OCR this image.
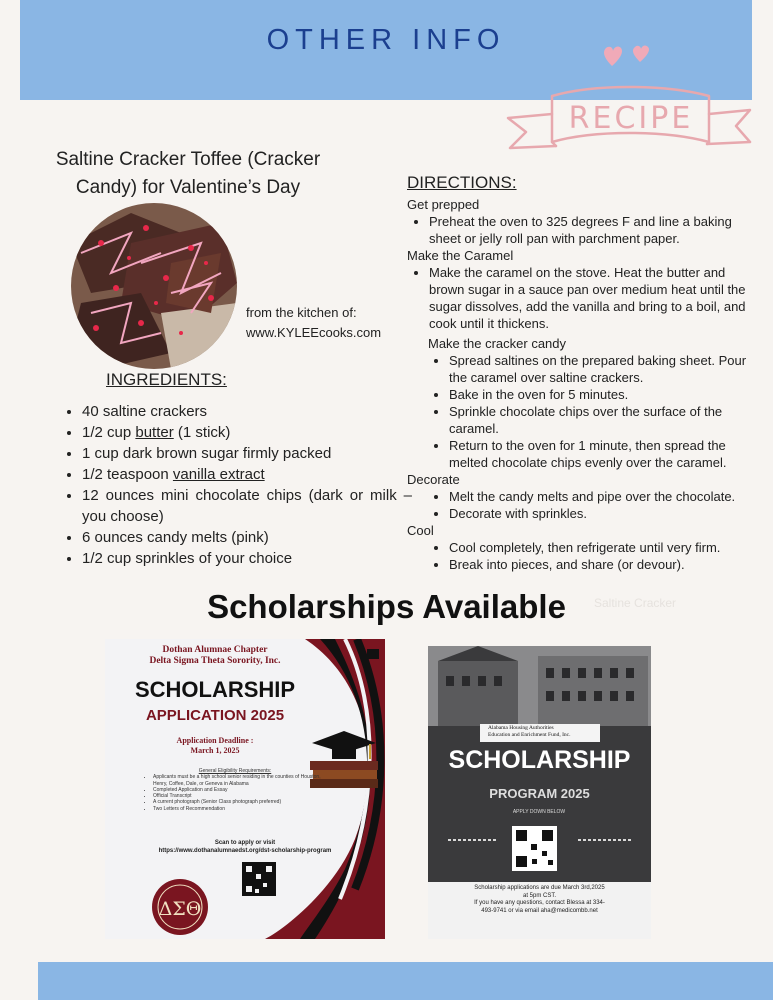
OTHER INFO
RECIPE
Saltine Cracker Toffee (Cracker
Candy) for Valentine’s Day
from the kitchen of:
www.KYLEEcooks.com
INGREDIENTS:
• 40 saltine crackers
• 1/2 cup butter (1 stick)
• 1 cup dark brown sugar firmly packed
• 1/2 teaspoon vanilla extract
• 12 ounces mini chocolate chips (dark or milk – you choose)
• 6 ounces candy melts (pink)
• 1/2 cup sprinkles of your choice
DIRECTIONS:
Get prepped
• Preheat the oven to 325 degrees F and line a baking sheet or jelly roll pan with parchment paper.
Make the Caramel
• Make the caramel on the stove. Heat the butter and brown sugar in a sauce pan over medium heat until the sugar dissolves, add the vanilla and bring to a boil, and cook until it thickens.
Make the cracker candy
• Spread saltines on the prepared baking sheet. Pour the caramel over saltine crackers.
• Bake in the oven for 5 minutes.
• Sprinkle chocolate chips over the surface of the caramel.
• Return to the oven for 1 minute, then spread the melted chocolate chips evenly over the caramel.
Decorate
• Melt the candy melts and pipe over the chocolate.
• Decorate with sprinkles.
Cool
• Cool completely, then refrigerate until very firm.
• Break into pieces, and share (or devour).
Scholarships Available	Saltine Cracker
ΔΣΘ
Dothan Alumnae Chapter
Delta Sigma Theta Sorority, Inc.
SCHOLARSHIP
APPLICATION 2025
Application Deadline :
March 1, 2025
General Eligibility Requirements:
• Applicants must be a high school senior residing in the counties of Houston, Henry, Coffee, Dale, or Geneva in Alabama
• Completed Application and Essay
• Official Transcript
• A current photograph (Senior Class photograph preferred)
• Two Letters of Recommendation
Scan to apply or visit
https://www.dothanalumnaedst.org/dst-scholarship-program
Alabama Housing Authorities
Education and Enrichment Fund, Inc.
SCHOLARSHIP
PROGRAM 2025
APPLY DOWN BELOW
Scholarship applications are due March 3rd,2025
at 5pm CST.
If you have any questions, contact Blessa at 334-
493-9741 or via email aha@medicombb.net
